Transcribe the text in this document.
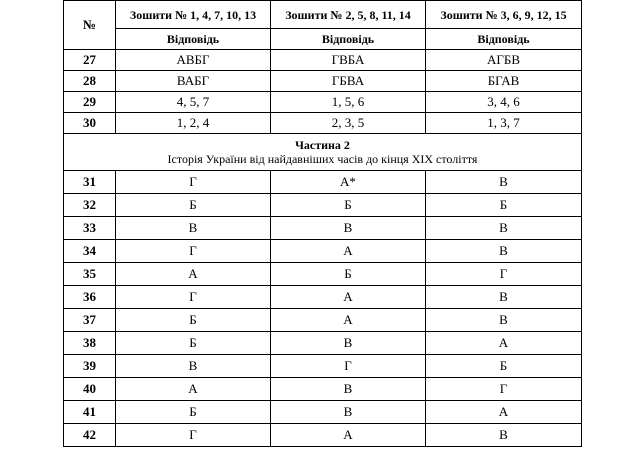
№	Зошити № 1, 4, 7, 10, 13	Зошити № 2, 5, 8, 11, 14	Зошити № 3, 6, 9, 12, 15
	Відповідь	Відповідь	Відповідь
27	АВБГ	ГВБА	АГБВ
28	ВАБГ	ГБВА	БГАВ
29	4, 5, 7	1, 5, 6	3, 4, 6
30	1, 2, 4	2, 3, 5	1, 3, 7

Частина 2
Історія України від найдавніших часів до кінця ХІХ століття			

31	Г	А*	В
32	Б	Б	Б
33	В	В	В
34	Г	А	В
35	А	Б	Г
36	Г	А	В
37	Б	А	В
38	Б	В	А
39	В	Г	Б
40	А	В	Г
41	Б	В	А
42	Г	А	В
